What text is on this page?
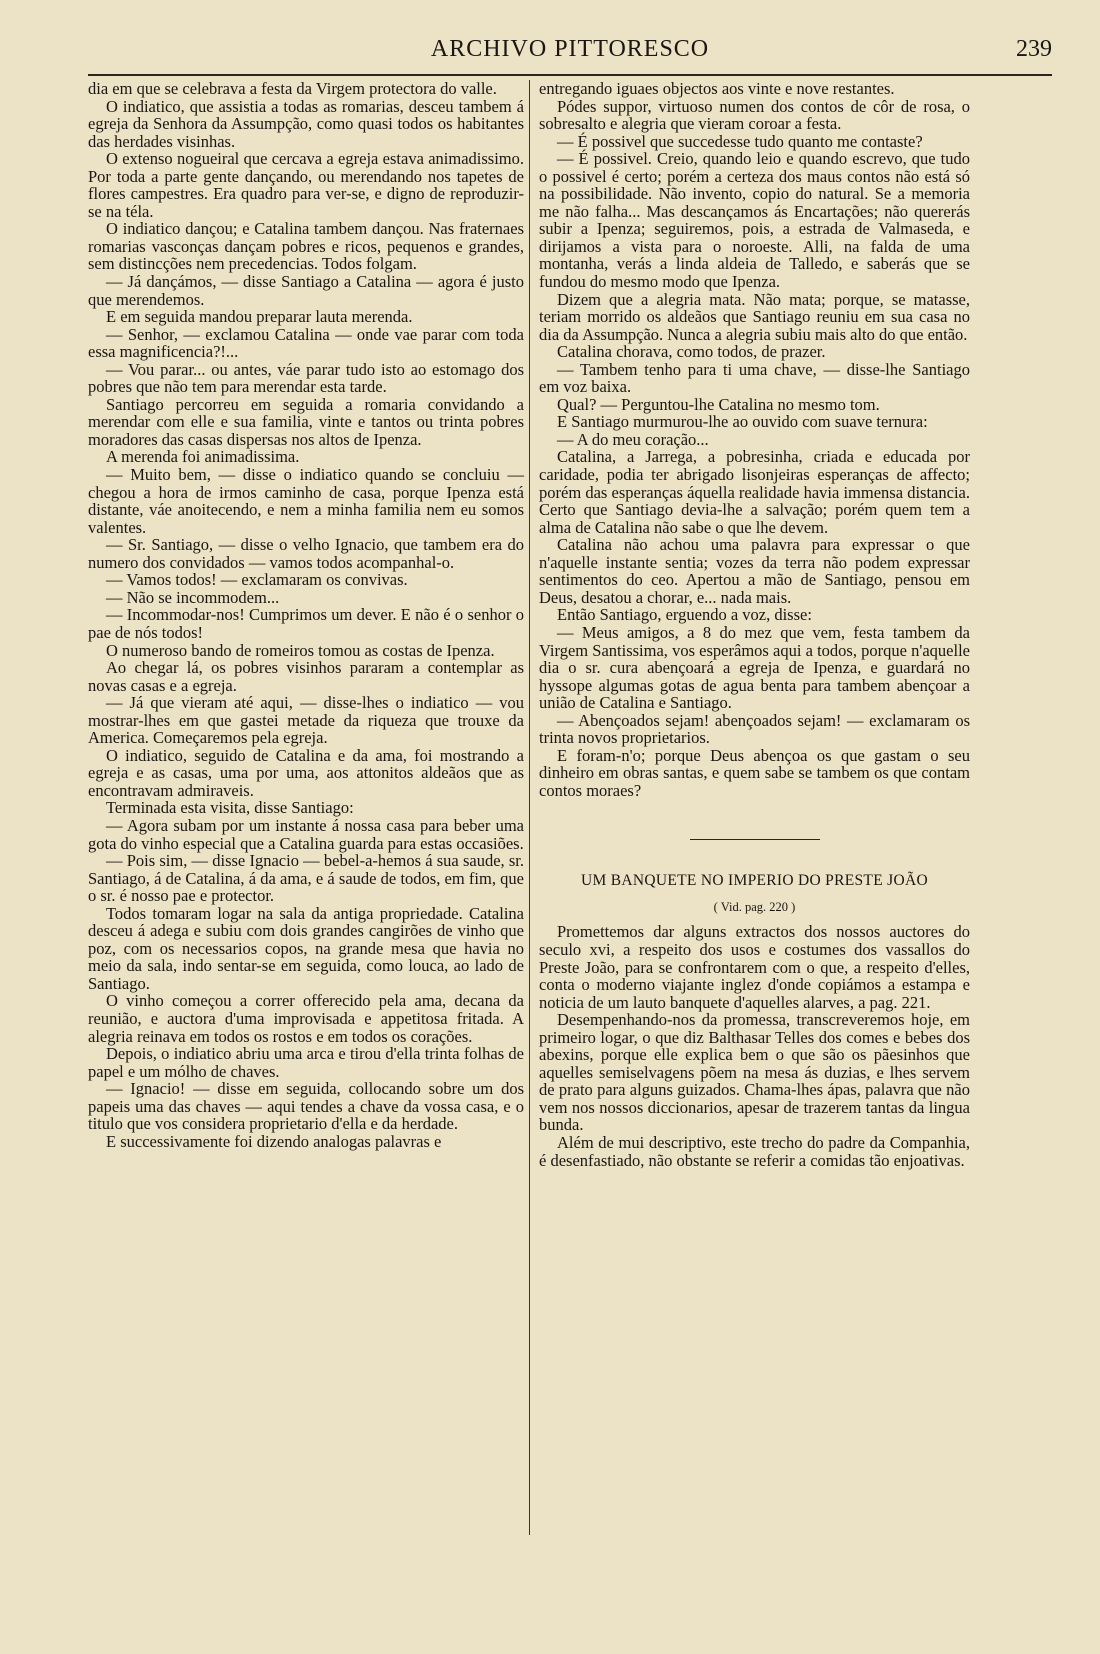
ARCHIVO PITTORESCO	239

dia em que se celebrava a festa da Virgem protectora do valle.

O indiatico, que assistia a todas as romarias, desceu tambem á egreja da Senhora da Assumpção, como quasi todos os habitantes das herdades visinhas.

O extenso nogueiral que cercava a egreja estava animadissimo. Por toda a parte gente dançando, ou merendando nos tapetes de flores campestres. Era quadro para ver-se, e digno de reproduzir-se na téla.

O indiatico dançou; e Catalina tambem dançou. Nas fraternaes romarias vasconças dançam pobres e ricos, pequenos e grandes, sem distincções nem precedencias. Todos folgam.

— Já dançámos, — disse Santiago a Catalina — agora é justo que merendemos.

E em seguida mandou preparar lauta merenda.

— Senhor, — exclamou Catalina — onde vae parar com toda essa magnificencia?!...

— Vou parar... ou antes, váe parar tudo isto ao estomago dos pobres que não tem para merendar esta tarde.

Santiago percorreu em seguida a romaria convidando a merendar com elle e sua familia, vinte e tantos ou trinta pobres moradores das casas dispersas nos altos de Ipenza.

A merenda foi animadissima.

— Muito bem, — disse o indiatico quando se concluiu — chegou a hora de irmos caminho de casa, porque Ipenza está distante, váe anoitecendo, e nem a minha familia nem eu somos valentes.

— Sr. Santiago, — disse o velho Ignacio, que tambem era do numero dos convidados — vamos todos acompanhal-o.

— Vamos todos! — exclamaram os convivas.

— Não se incommodem...

— Incommodar-nos! Cumprimos um dever. E não é o senhor o pae de nós todos!

O numeroso bando de romeiros tomou as costas de Ipenza.

Ao chegar lá, os pobres visinhos pararam a contemplar as novas casas e a egreja.

— Já que vieram até aqui, — disse-lhes o indiatico — vou mostrar-lhes em que gastei metade da riqueza que trouxe da America. Começaremos pela egreja.

O indiatico, seguido de Catalina e da ama, foi mostrando a egreja e as casas, uma por uma, aos attonitos aldeãos que as encontravam admiraveis.

Terminada esta visita, disse Santiago:

— Agora subam por um instante á nossa casa para beber uma gota do vinho especial que a Catalina guarda para estas occasiões.

— Pois sim, — disse Ignacio — bebel-a-hemos á sua saude, sr. Santiago, á de Catalina, á da ama, e á saude de todos, em fim, que o sr. é nosso pae e protector.

Todos tomaram logar na sala da antiga propriedade. Catalina desceu á adega e subiu com dois grandes cangirões de vinho que poz, com os necessarios copos, na grande mesa que havia no meio da sala, indo sentar-se em seguida, como louca, ao lado de Santiago.

O vinho começou a correr offerecido pela ama, decana da reunião, e auctora d'uma improvisada e appetitosa fritada. A alegria reinava em todos os rostos e em todos os corações.

Depois, o indiatico abriu uma arca e tirou d'ella trinta folhas de papel e um mólho de chaves.

— Ignacio! — disse em seguida, collocando sobre um dos papeis uma das chaves — aqui tendes a chave da vossa casa, e o titulo que vos considera proprietario d'ella e da herdade.

E successivamente foi dizendo analogas palavras e

entregando iguaes objectos aos vinte e nove restantes.

Pódes suppor, virtuoso numen dos contos de côr de rosa, o sobresalto e alegria que vieram coroar a festa.

— É possivel que succedesse tudo quanto me contaste?

— É possivel. Creio, quando leio e quando escrevo, que tudo o possivel é certo; porém a certeza dos maus contos não está só na possibilidade. Não invento, copio do natural. Se a memoria me não falha... Mas descançamos ás Encartações; não quererás subir a Ipenza; seguiremos, pois, a estrada de Valmaseda, e dirijamos a vista para o noroeste. Alli, na falda de uma montanha, verás a linda aldeia de Talledo, e saberás que se fundou do mesmo modo que Ipenza.

Dizem que a alegria mata. Não mata; porque, se matasse, teriam morrido os aldeãos que Santiago reuniu em sua casa no dia da Assumpção. Nunca a alegria subiu mais alto do que então.

Catalina chorava, como todos, de prazer.

— Tambem tenho para ti uma chave, — disse-lhe Santiago em voz baixa.

Qual? — Perguntou-lhe Catalina no mesmo tom.

E Santiago murmurou-lhe ao ouvido com suave ternura:

— A do meu coração...

Catalina, a Jarrega, a pobresinha, criada e educada por caridade, podia ter abrigado lisonjeiras esperanças de affecto; porém das esperanças áquella realidade havia immensa distancia. Certo que Santiago devia-lhe a salvação; porém quem tem a alma de Catalina não sabe o que lhe devem.

Catalina não achou uma palavra para expressar o que n'aquelle instante sentia; vozes da terra não podem expressar sentimentos do ceo. Apertou a mão de Santiago, pensou em Deus, desatou a chorar, e... nada mais.

Então Santiago, erguendo a voz, disse:

— Meus amigos, a 8 do mez que vem, festa tambem da Virgem Santissima, vos esperâmos aqui a todos, porque n'aquelle dia o sr. cura abençoará a egreja de Ipenza, e guardará no hyssope algumas gotas de agua benta para tambem abençoar a união de Catalina e Santiago.

— Abençoados sejam! abençoados sejam! — exclamaram os trinta novos proprietarios.

E foram-n'o; porque Deus abençoa os que gastam o seu dinheiro em obras santas, e quem sabe se tambem os que contam contos moraes?

UM BANQUETE NO IMPERIO DO PRESTE JOÃO
( Vid. pag. 220 )

Promettemos dar alguns extractos dos nossos auctores do seculo xvi, a respeito dos usos e costumes dos vassallos do Preste João, para se confrontarem com o que, a respeito d'elles, conta o moderno viajante inglez d'onde copiámos a estampa e noticia de um lauto banquete d'aquelles alarves, a pag. 221.

Desempenhando-nos da promessa, transcreveremos hoje, em primeiro logar, o que diz Balthasar Telles dos comes e bebes dos abexins, porque elle explica bem o que são os pãesinhos que aquelles semiselvagens põem na mesa ás duzias, e lhes servem de prato para alguns guizados. Chama-lhes ápas, palavra que não vem nos nossos diccionarios, apesar de trazerem tantas da lingua bunda.

Além de mui descriptivo, este trecho do padre da Companhia, é desenfastiado, não obstante se referir a comidas tão enjoativas.
